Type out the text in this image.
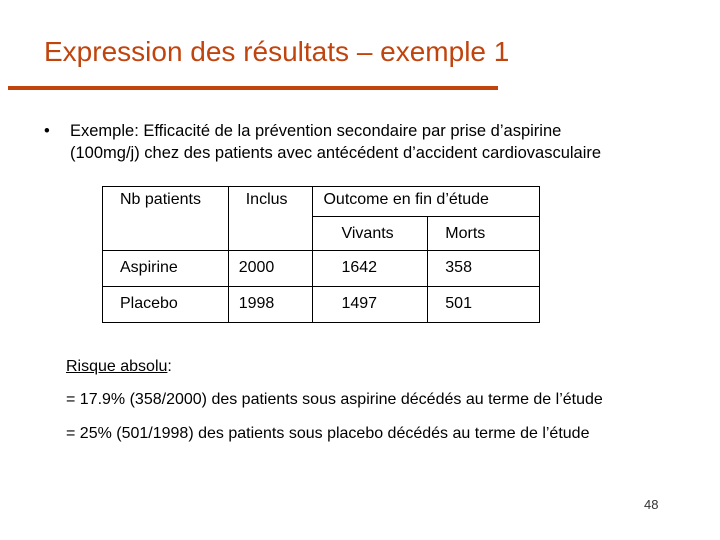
Expression des résultats – exemple 1
• Exemple: Efficacité de la prévention secondaire par prise d’aspirine
(100mg/j) chez des patients avec antécédent d’accident cardiovasculaire
Nb patients	Inclus	Outcome en fin d’étude	

		Vivants	Morts

Aspirine	2000	1642	358

Placebo	1998	1497	501
Risque absolu:
= 17.9% (358/2000) des patients sous aspirine décédés au terme de l’étude
= 25% (501/1998) des patients sous placebo décédés au terme de l’étude
48
